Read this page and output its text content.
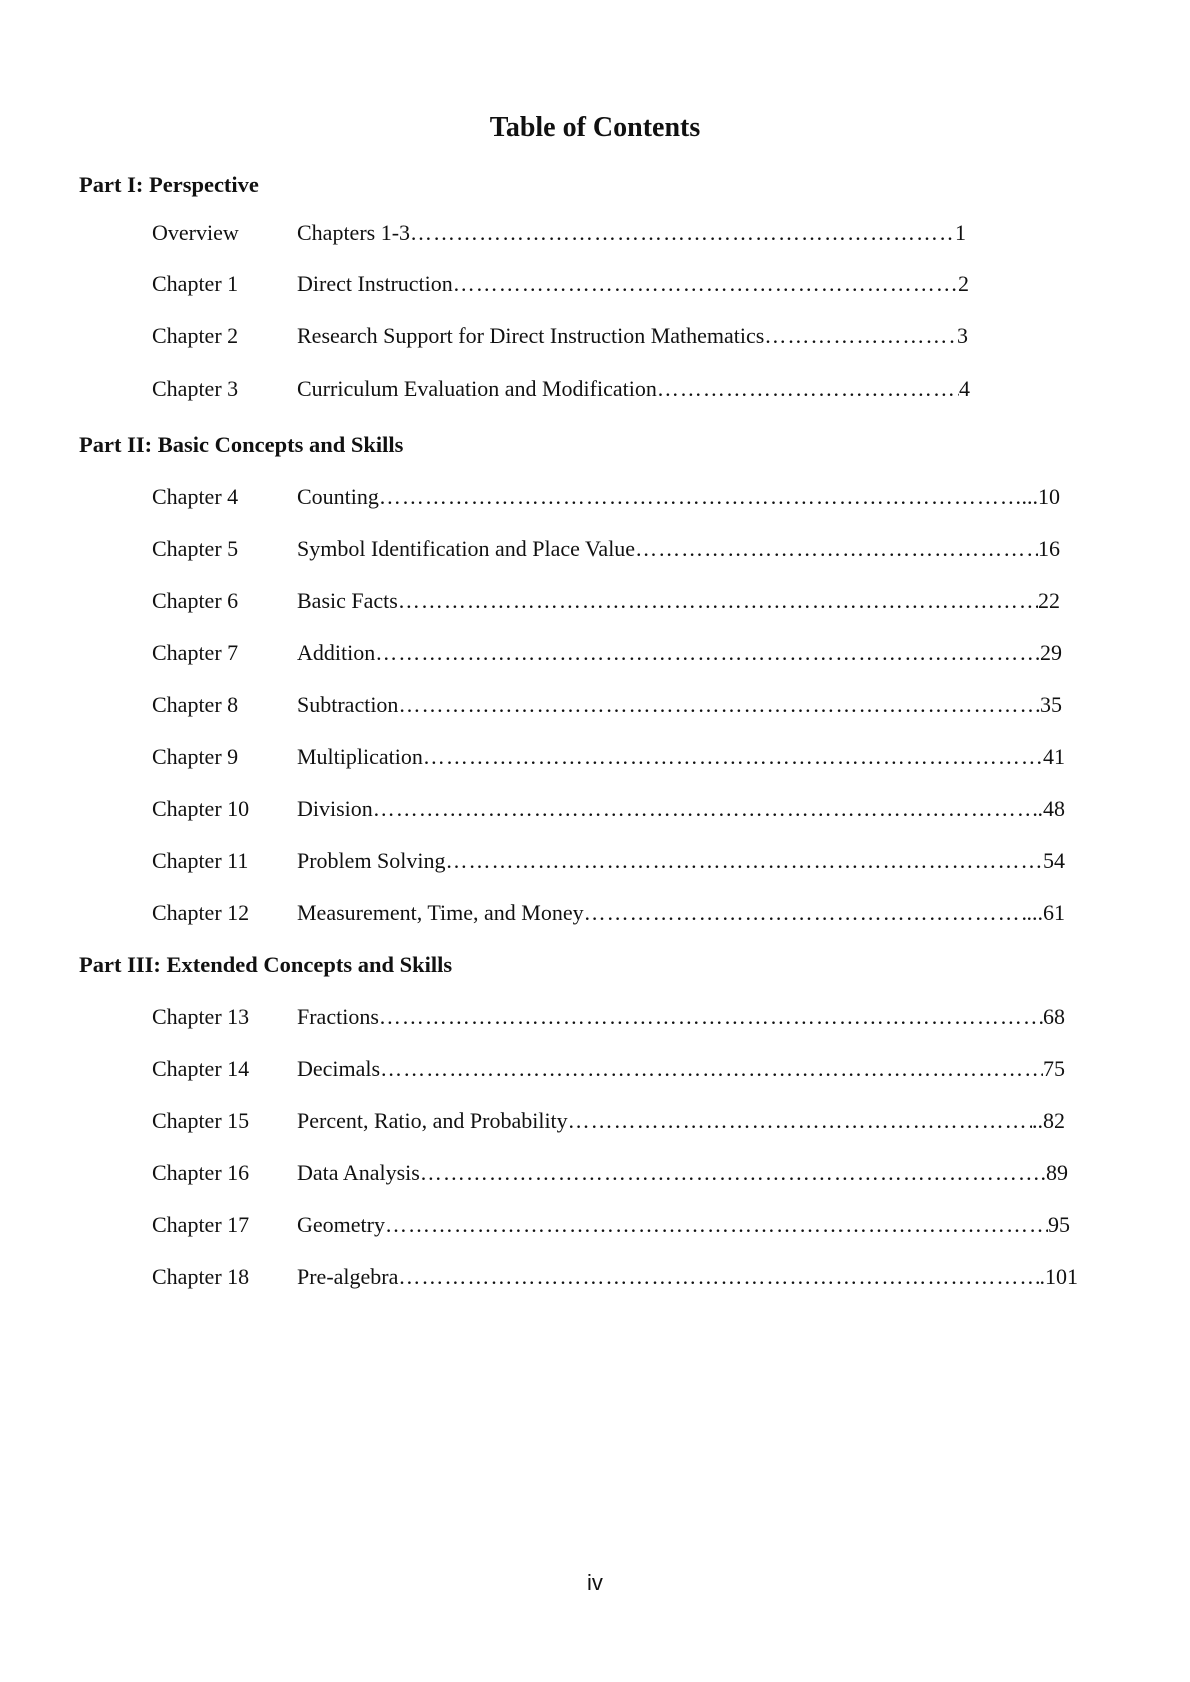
Table of Contents
Part I: Perspective
Overview	Chapters 1-3 ………………………………………………………………………………………………………………………………………………………………………………………………	1
Chapter 1	Direct Instruction ………………………………………………………………………………………………………………………………………………………………………………………………	2
Chapter 2	Research Support for Direct Instruction Mathematics ………………………………………………………………………………………………………………………………………………………………………………………………	3
Chapter 3	Curriculum Evaluation and Modification ………………………………………………………………………………………………………………………………………………………………………………………………	4
Part II: Basic Concepts and Skills
Chapter 4	Counting ………………………………………………………………………………………………………………………………………………………………………………………………	...10
Chapter 5	Symbol Identification and Place Value ………………………………………………………………………………………………………………………………………………………………………………………………	16
Chapter 6	Basic Facts ………………………………………………………………………………………………………………………………………………………………………………………………	22
Chapter 7	Addition ………………………………………………………………………………………………………………………………………………………………………………………………	29
Chapter 8	Subtraction ………………………………………………………………………………………………………………………………………………………………………………………………	35
Chapter 9	Multiplication ………………………………………………………………………………………………………………………………………………………………………………………………	41
Chapter 10 Division ………………………………………………………………………………………………………………………………………………………………………………………………	.48
Chapter 11 Problem Solving ………………………………………………………………………………………………………………………………………………………………………………………………	54
Chapter 12 Measurement, Time, and Money ………………………………………………………………………………………………………………………………………………………………………………………………	...61
Part III: Extended Concepts and Skills
Chapter 13 Fractions ………………………………………………………………………………………………………………………………………………………………………………………………	68
Chapter 14 Decimals ………………………………………………………………………………………………………………………………………………………………………………………………	75
Chapter 15 Percent, Ratio, and Probability ………………………………………………………………………………………………………………………………………………………………………………………………	..82
Chapter 16 Data Analysis ………………………………………………………………………………………………………………………………………………………………………………………………	.89
Chapter 17 Geometry ………………………………………………………………………………………………………………………………………………………………………………………………	95
Chapter 18 Pre-algebra ………………………………………………………………………………………………………………………………………………………………………………………………	.101
iv
